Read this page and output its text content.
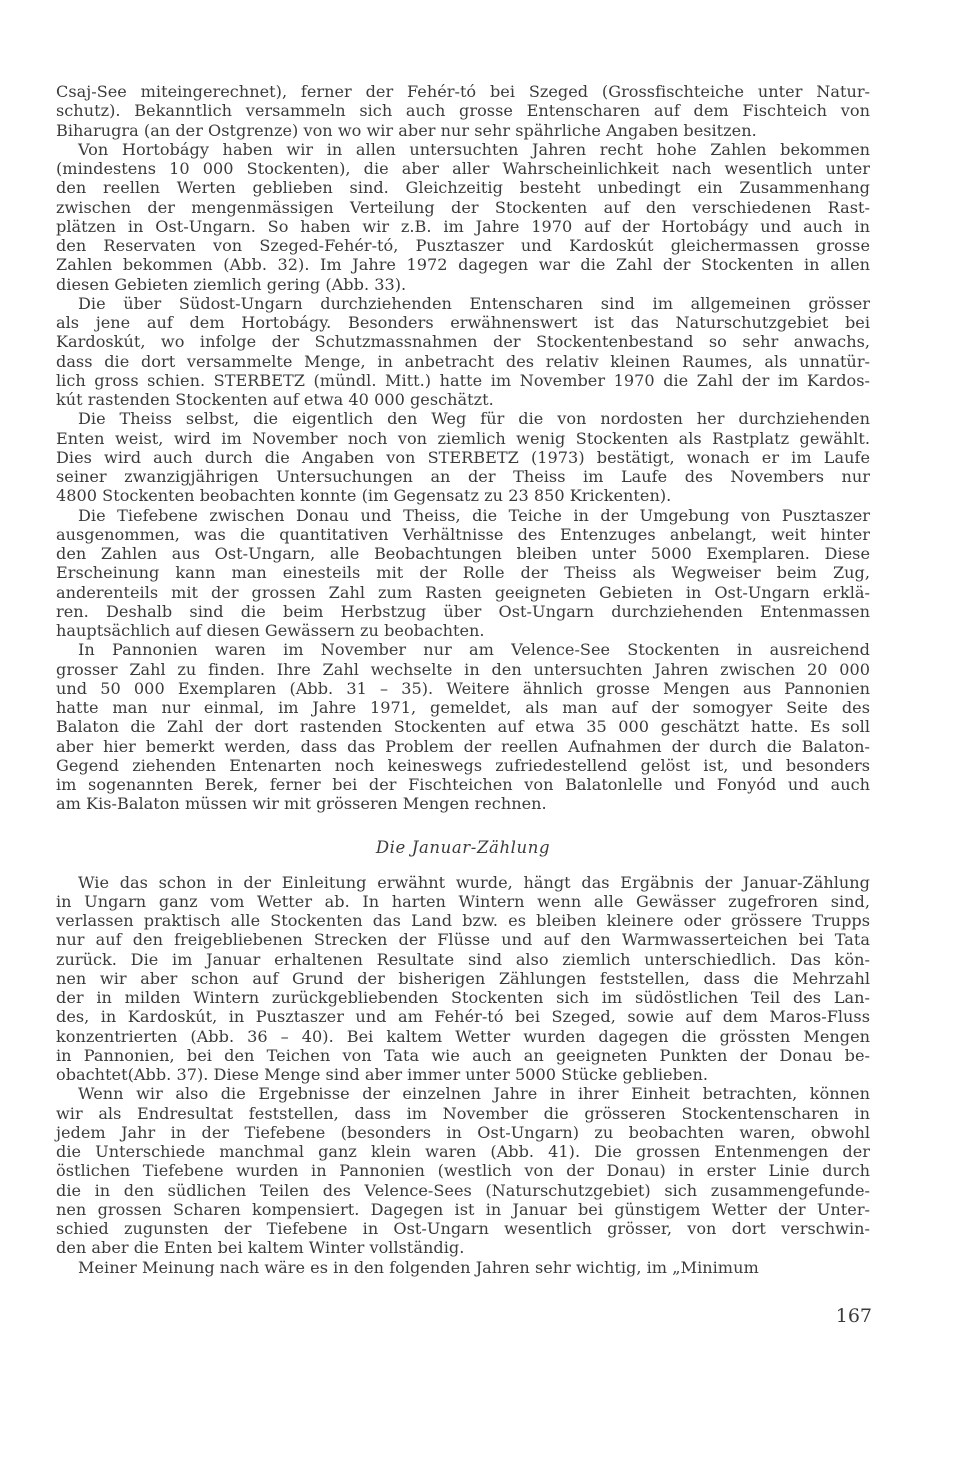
Csaj-See miteingerechnet), ferner der Fehér-tó bei Szeged (Grossfischteiche unter Natur-
schutz). Bekanntlich versammeln sich auch grosse Entenscharen auf dem Fischteich von
Biharugra (an der Ostgrenze) von wo wir aber nur sehr spährliche Angaben besitzen.

Von Hortobágy haben wir in allen untersuchten Jahren recht hohe Zahlen bekommen
(mindestens 10 000 Stockenten), die aber aller Wahrscheinlichkeit nach wesentlich unter
den reellen Werten geblieben sind. Gleichzeitig besteht unbedingt ein Zusammenhang
zwischen der mengenmässigen Verteilung der Stockenten auf den verschiedenen Rast-
plätzen in Ost-Ungarn. So haben wir z.B. im Jahre 1970 auf der Hortobágy und auch in
den Reservaten von Szeged-Fehér-tó, Pusztaszer und Kardoskút gleichermassen grosse
Zahlen bekommen (Abb. 32). Im Jahre 1972 dagegen war die Zahl der Stockenten in allen
diesen Gebieten ziemlich gering (Abb. 33).

Die über Südost-Ungarn durchziehenden Entenscharen sind im allgemeinen grösser
als jene auf dem Hortobágy. Besonders erwähnenswert ist das Naturschutzgebiet bei
Kardoskút, wo infolge der Schutzmassnahmen der Stockentenbestand so sehr anwachs,
dass die dort versammelte Menge, in anbetracht des relativ kleinen Raumes, als unnatür-
lich gross schien. STERBETZ (mündl. Mitt.) hatte im November 1970 die Zahl der im Kardos-
kút rastenden Stockenten auf etwa 40 000 geschätzt.

Die Theiss selbst, die eigentlich den Weg für die von nordosten her durchziehenden
Enten weist, wird im November noch von ziemlich wenig Stockenten als Rastplatz gewählt.
Dies wird auch durch die Angaben von STERBETZ (1973) bestätigt, wonach er im Laufe
seiner zwanzigjährigen Untersuchungen an der Theiss im Laufe des Novembers nur
4800 Stockenten beobachten konnte (im Gegensatz zu 23 850 Krickenten).

Die Tiefebene zwischen Donau und Theiss, die Teiche in der Umgebung von Pusztaszer
ausgenommen, was die quantitativen Verhältnisse des Entenzuges anbelangt, weit hinter
den Zahlen aus Ost-Ungarn, alle Beobachtungen bleiben unter 5000 Exemplaren. Diese
Erscheinung kann man einesteils mit der Rolle der Theiss als Wegweiser beim Zug,
anderenteils mit der grossen Zahl zum Rasten geeigneten Gebieten in Ost-Ungarn erklä-
ren. Deshalb sind die beim Herbstzug über Ost-Ungarn durchziehenden Entenmassen
hauptsächlich auf diesen Gewässern zu beobachten.

In Pannonien waren im November nur am Velence-See Stockenten in ausreichend
grosser Zahl zu finden. Ihre Zahl wechselte in den untersuchten Jahren zwischen 20 000
und 50 000 Exemplaren (Abb. 31 – 35). Weitere ähnlich grosse Mengen aus Pannonien
hatte man nur einmal, im Jahre 1971, gemeldet, als man auf der somogyer Seite des
Balaton die Zahl der dort rastenden Stockenten auf etwa 35 000 geschätzt hatte. Es soll
aber hier bemerkt werden, dass das Problem der reellen Aufnahmen der durch die Balaton-
Gegend ziehenden Entenarten noch keineswegs zufriedestellend gelöst ist, und besonders
im sogenannten Berek, ferner bei der Fischteichen von Balatonlelle und Fonyód und auch
am Kis-Balaton müssen wir mit grösseren Mengen rechnen.

Die Januar-Zählung

Wie das schon in der Einleitung erwähnt wurde, hängt das Ergäbnis der Januar-Zählung
in Ungarn ganz vom Wetter ab. In harten Wintern wenn alle Gewässer zugefroren sind,
verlassen praktisch alle Stockenten das Land bzw. es bleiben kleinere oder grössere Trupps
nur auf den freigebliebenen Strecken der Flüsse und auf den Warmwasserteichen bei Tata
zurück. Die im Januar erhaltenen Resultate sind also ziemlich unterschiedlich. Das kön-
nen wir aber schon auf Grund der bisherigen Zählungen feststellen, dass die Mehrzahl
der in milden Wintern zurückgebliebenden Stockenten sich im südöstlichen Teil des Lan-
des, in Kardoskút, in Pusztaszer und am Fehér-tó bei Szeged, sowie auf dem Maros-Fluss
konzentrierten (Abb. 36 – 40). Bei kaltem Wetter wurden dagegen die grössten Mengen
in Pannonien, bei den Teichen von Tata wie auch an geeigneten Punkten der Donau be-
obachtet(Abb. 37). Diese Menge sind aber immer unter 5000 Stücke geblieben.

Wenn wir also die Ergebnisse der einzelnen Jahre in ihrer Einheit betrachten, können
wir als Endresultat feststellen, dass im November die grösseren Stockentenscharen in
jedem Jahr in der Tiefebene (besonders in Ost-Ungarn) zu beobachten waren, obwohl
die Unterschiede manchmal ganz klein waren (Abb. 41). Die grossen Entenmengen der
östlichen Tiefebene wurden in Pannonien (westlich von der Donau) in erster Linie durch
die in den südlichen Teilen des Velence-Sees (Naturschutzgebiet) sich zusammengefunde-
nen grossen Scharen kompensiert. Dagegen ist in Januar bei günstigem Wetter der Unter-
schied zugunsten der Tiefebene in Ost-Ungarn wesentlich grösser, von dort verschwin-
den aber die Enten bei kaltem Winter vollständig.

Meiner Meinung nach wäre es in den folgenden Jahren sehr wichtig, im „Minimum

167
